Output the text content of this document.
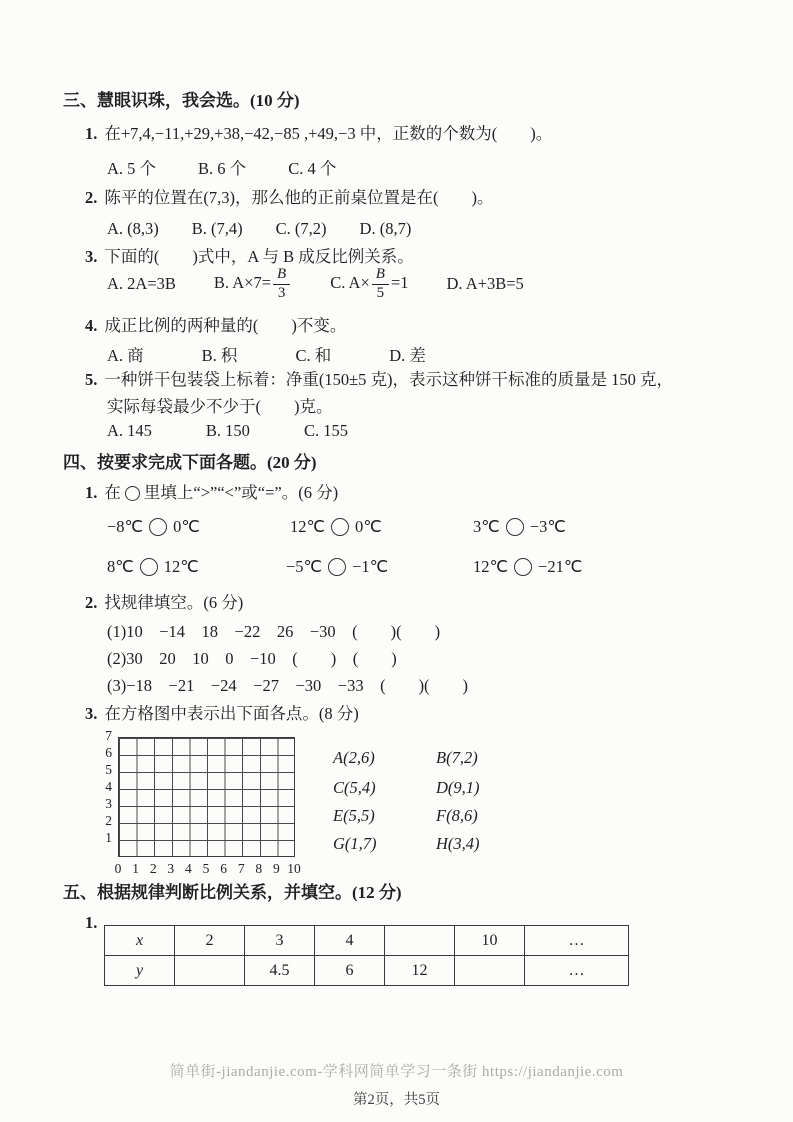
三、慧眼识珠，我会选。(10 分)
1. 在+7,4,−11,+29,+38,−42,−85 ,+49,−3 中，正数的个数为(　　)。
A. 5 个	B. 6 个	C. 4 个
2. 陈平的位置在(7,3)，那么他的正前桌位置是在(　　)。
A. (8,3) B. (7,4) C. (7,2) D. (8,7)
3. 下面的(　　)式中，A 与 B 成反比例关系。
A. 2A=3B B. $A\times 7= \frac{B}{3} C$. $A\times \frac{B}{5} =1$ D. A+3B=5
4. 成正比例的两种量的(　　)不变。
A. 商	B. 积	C. 和	D. 差
5. 一种饼干包装袋上标着：净重(150±5 克)，表示这种饼干标准的质量是 150 克，
实际每袋最少不少于(　　)克。
A. 145	B. 150	C. 155
四、按要求完成下面各题。(20 分)
1. 在 里填上“>”“<”或“=”。(6 分)
−8℃ 0℃	12℃ 0℃	3℃ −3℃
8℃ 12℃	−5℃ −1℃	12℃ −21℃
2. 找规律填空。(6 分)
(1)10　−14　18　−22　26　−30　(　　)(　　)
(2)30　20　10　0　−10　(　　)　(　　)
(3)−18　−21　−24　−27　−30　−33　(　　)(　　)
3. 在方格图中表示出下面各点。(8 分)
7
6
5
4
3
2
1
0 1 2 3 4 5 6 7 8 9 10
A(2,6)	B(7,2)
C(5,4)	D(9,1)
E(5,5)	F(8,6)
G(1,7)	H(3,4)
五、根据规律判断比例关系，并填空。(12 分)
1.
x	2	3	4		10	…
y		4.5	6	12		…
简单街-jiandanjie.com-学科网简单学习一条街 https://jiandanjie.com
第2页，共5页
